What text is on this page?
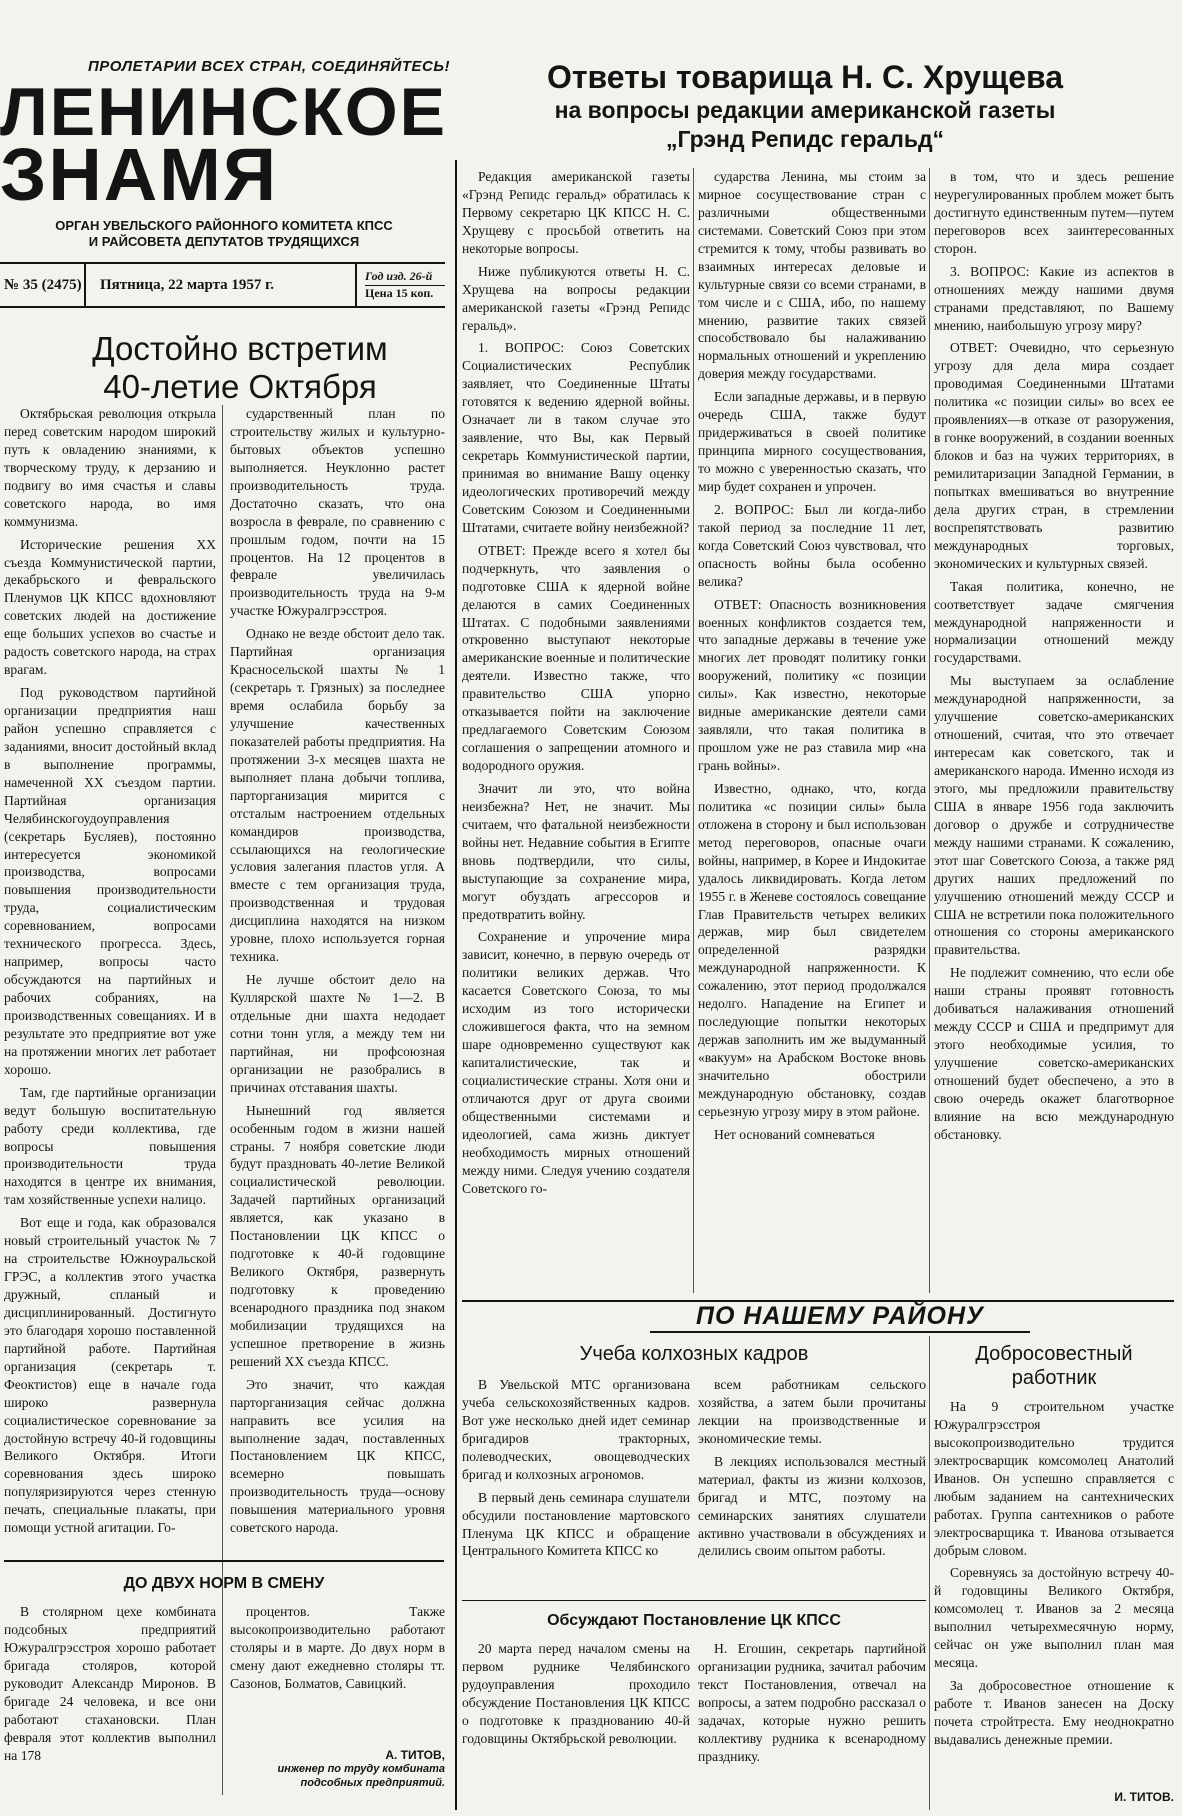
ПРОЛЕТАРИИ ВСЕХ СТРАН, СОЕДИНЯЙТЕСЬ!
ЛЕНИНСКОЕ
ЗНАМЯ
ОРГАН УВЕЛЬСКОГО РАЙОННОГО КОМИТЕТА КПСС
И РАЙСОВЕТА ДЕПУТАТОВ ТРУДЯЩИХСЯ
№ 35 (2475)	Пятница, 22 марта 1957 г.
Год изд. 26-й
Цена 15 коп.
Ответы товарища Н. С. Хрущева
на вопросы редакции американской газеты
„Грэнд Репидс геральд“
Достойно встретим
40-летие Октября

Октябрьская революция открыла перед советским народом широкий путь к овладению знаниями, к творческому труду, к дерзанию и подвигу во имя счастья и славы советского народа, во имя коммунизма.

Исторические решения XX съезда Коммунистической партии, декабрьского и февральского Пленумов ЦК КПСС вдохновляют советских людей на достижение еще больших успехов во счастье и радость советского народа, на страх врагам.

Под руководством партийной организации предприятия наш район успешно справляется с заданиями, вносит достойный вклад в выполнение программы, намеченной XX съездом партии. Партийная организация Челябинскогоудоуправления (секретарь Бусляев), постоянно интересуется экономикой производства, вопросами повышения производительности труда, социалистическим соревнованием, вопросами технического прогресса. Здесь, например, вопросы часто обсуждаются на партийных и рабочих собраниях, на производственных совещаниях. И в результате это предприятие вот уже на протяжении многих лет работает хорошо.

Там, где партийные организации ведут большую воспитательную работу среди коллектива, где вопросы повышения производительности труда находятся в центре их внимания, там хозяйственные успехи налицо.

Вот еще и года, как образовался новый строительный участок № 7 на строительстве Южноуральской ГРЭС, а коллектив этого участка дружный, спланый и дисциплинированный. Достигнуто это благодаря хорошо поставленной партийной работе. Партийная организация (секретарь т. Феоктистов) еще в начале года широко развернула социалистическое соревнование за достойную встречу 40-й годовщины Великого Октября. Итоги соревнования здесь широко популяризируются через стенную печать, специальные плакаты, при помощи устной агитации. Го-

сударственный план по строительству жилых и культурно-бытовых объектов успешно выполняется. Неуклонно растет производительность труда. Достаточно сказать, что она возросла в феврале, по сравнению с прошлым годом, почти на 15 процентов. На 12 процентов в феврале увеличилась производительность труда на 9-м участке Южуралгрэсстроя.

Однако не везде обстоит дело так. Партийная организация Красносельской шахты № 1 (секретарь т. Грязных) за последнее время ослабила борьбу за улучшение качественных показателей работы предприятия. На протяжении 3-х месяцев шахта не выполняет плана добычи топлива, парторганизация мирится с отсталым настроением отдельных командиров производства, ссылающихся на геологические условия залегания пластов угля. А вместе с тем организация труда, производственная и трудовая дисциплина находятся на низком уровне, плохо используется горная техника.

Не лучше обстоит дело на Куллярской шахте № 1—2. В отдельные дни шахта недодает сотни тонн угля, а между тем ни партийная, ни профсоюзная организации не разобрались в причинах отставания шахты.

Нынешний год является особенным годом в жизни нашей страны. 7 ноября советские люди будут праздновать 40-летие Великой социалистической революции. Задачей партийных организаций является, как указано в Постановлении ЦК КПСС о подготовке к 40-й годовщине Великого Октября, развернуть подготовку к проведению всенародного праздника под знаком мобилизации трудящихся на успешное претворение в жизнь решений XX съезда КПСС.

Это значит, что каждая парторганизация сейчас должна направить все усилия на выполнение задач, поставленных Постановлением ЦК КПСС, всемерно повышать производительность труда—основу повышения материального уровня советского народа.

ДО ДВУХ НОРМ В СМЕНУ

В столярном цехе комбината подсобных предприятий Южуралгрэсстроя хорошо работает бригада столяров, которой руководит Александр Миронов. В бригаде 24 человека, и все они работают стахановски. План февраля этот коллектив выполнил на 178

процентов. Также высокопроизводительно работают столяры и в марте. До двух норм в смену дают ежедневно столяры тт. Сазонов, Болматов, Савицкий.

А. ТИТОВ,
инженер по труду комбината
подсобных предприятий.

Редакция американской газеты «Грэнд Репидс геральд» обратилась к Первому секретарю ЦК КПСС Н. С. Хрущеву с просьбой ответить на некоторые вопросы.

Ниже публикуются ответы Н. С. Хрущева на вопросы редакции американской газеты «Грэнд Репидс геральд».

1. ВОПРОС: Союз Советских Социалистических Республик заявляет, что Соединенные Штаты готовятся к ведению ядерной войны. Означает ли в таком случае это заявление, что Вы, как Первый секретарь Коммунистической партии, принимая во внимание Вашу оценку идеологических противоречий между Советским Союзом и Соединенными Штатами, считаете войну неизбежной?

ОТВЕТ: Прежде всего я хотел бы подчеркнуть, что заявления о подготовке США к ядерной войне делаются в самих Соединенных Штатах. С подобными заявлениями откровенно выступают некоторые американские военные и политические деятели. Известно также, что правительство США упорно отказывается пойти на заключение предлагаемого Советским Союзом соглашения о запрещении атомного и водородного оружия.

Значит ли это, что война неизбежна? Нет, не значит. Мы считаем, что фатальной неизбежности войны нет. Недавние события в Египте вновь подтвердили, что силы, выступающие за сохранение мира, могут обуздать агрессоров и предотвратить войну.

Сохранение и упрочение мира зависит, конечно, в первую очередь от политики великих держав. Что касается Советского Союза, то мы исходим из того исторически сложившегося факта, что на земном шаре одновременно существуют как капиталистические, так и социалистические страны. Хотя они и отличаются друг от друга своими общественными системами и идеологией, сама жизнь диктует необходимость мирных отношений между ними. Следуя учению создателя Советского го-

сударства Ленина, мы стоим за мирное сосуществование стран с различными общественными системами. Советский Союз при этом стремится к тому, чтобы развивать во взаимных интересах деловые и культурные связи со всеми странами, в том числе и с США, ибо, по нашему мнению, развитие таких связей способствовало бы налаживанию нормальных отношений и укреплению доверия между государствами.

Если западные державы, и в первую очередь США, также будут придерживаться в своей политике принципа мирного сосуществования, то можно с уверенностью сказать, что мир будет сохранен и упрочен.

2. ВОПРОС: Был ли когда-либо такой период за последние 11 лет, когда Советский Союз чувствовал, что опасность войны была особенно велика?

ОТВЕТ: Опасность возникновения военных конфликтов создается тем, что западные державы в течение уже многих лет проводят политику гонки вооружений, политику «с позиции силы». Как известно, некоторые видные американские деятели сами заявляли, что такая политика в прошлом уже не раз ставила мир «на грань войны».

Известно, однако, что, когда политика «с позиции силы» была отложена в сторону и был использован метод переговоров, опасные очаги войны, например, в Корее и Индокитае удалось ликвидировать. Когда летом 1955 г. в Женеве состоялось совещание Глав Правительств четырех великих держав, мир был свидетелем определенной разрядки международной напряженности. К сожалению, этот период продолжался недолго. Нападение на Египет и последующие попытки некоторых держав заполнить им же выдуманный «вакуум» на Арабском Востоке вновь значительно обострили международную обстановку, создав серьезную угрозу миру в этом районе.

Нет оснований сомневаться

в том, что и здесь решение неурегулированных проблем может быть достигнуто единственным путем—путем переговоров всех заинтересованных сторон.

3. ВОПРОС: Какие из аспектов в отношениях между нашими двумя странами представляют, по Вашему мнению, наибольшую угрозу миру?

ОТВЕТ: Очевидно, что серьезную угрозу для дела мира создает проводимая Соединенными Штатами политика «с позиции силы» во всех ее проявлениях—в отказе от разоружения, в гонке вооружений, в создании военных блоков и баз на чужих территориях, в ремилитаризации Западной Германии, в попытках вмешиваться во внутренние дела других стран, в стремлении воспрепятствовать развитию международных торговых, экономических и культурных связей.

Такая политика, конечно, не соответствует задаче смягчения международной напряженности и нормализации отношений между государствами.

Мы выступаем за ослабление международной напряженности, за улучшение советско-американских отношений, считая, что это отвечает интересам как советского, так и американского народа. Именно исходя из этого, мы предложили правительству США в январе 1956 года заключить договор о дружбе и сотрудничестве между нашими странами. К сожалению, этот шаг Советского Союза, а также ряд других наших предложений по улучшению отношений между СССР и США не встретили пока положительного отношения со стороны американского правительства.

Не подлежит сомнению, что если обе наши страны проявят готовность добиваться налаживания отношений между СССР и США и предпримут для этого необходимые усилия, то улучшение советско-американских отношений будет обеспечено, а это в свою очередь окажет благотворное влияние на всю международную обстановку.

ПО НАШЕМУ РАЙОНУ
Учеба колхозных кадров

В Увельской МТС организована учеба сельскохозяйственных кадров. Вот уже несколько дней идет семинар бригадиров тракторных, полеводческих, овощеводческих бригад и колхозных агрономов.

В первый день семинара слушатели обсудили постановление мартовского Пленума ЦК КПСС и обращение Центрального Комитета КПСС ко

всем работникам сельского хозяйства, а затем были прочитаны лекции на производственные и экономические темы.

В лекциях использовался местный материал, факты из жизни колхозов, бригад и МТС, поэтому на семинарских занятиях слушатели активно участвовали в обсуждениях и делились своим опытом работы.

Обсуждают Постановление ЦК КПСС

20 марта перед началом смены на первом руднике Челябинского рудоуправления проходило обсуждение Постановления ЦК КПСС о подготовке к празднованию 40-й годовщины Октябрьской революции.

Н. Егошин, секретарь партийной организации рудника, зачитал рабочим текст Постановления, отвечал на вопросы, а затем подробно рассказал о задачах, которые нужно решить коллективу рудника к всенародному празднику.

Добросовестный
работник

На 9 строительном участке Южуралгрэсстроя высокопроизводительно трудится электросварщик комсомолец Анатолий Иванов. Он успешно справляется с любым заданием на сантехнических работах. Группа сантехников о работе электросварщика т. Иванова отзывается добрым словом.

Соревнуясь за достойную встречу 40-й годовщины Великого Октября, комсомолец т. Иванов за 2 месяца выполнил четырехмесячную норму, сейчас он уже выполнил план мая месяца.

За добросовестное отношение к работе т. Иванов занесен на Доску почета стройтреста. Ему неоднократно выдавались денежные премии.

И. ТИТОВ.
